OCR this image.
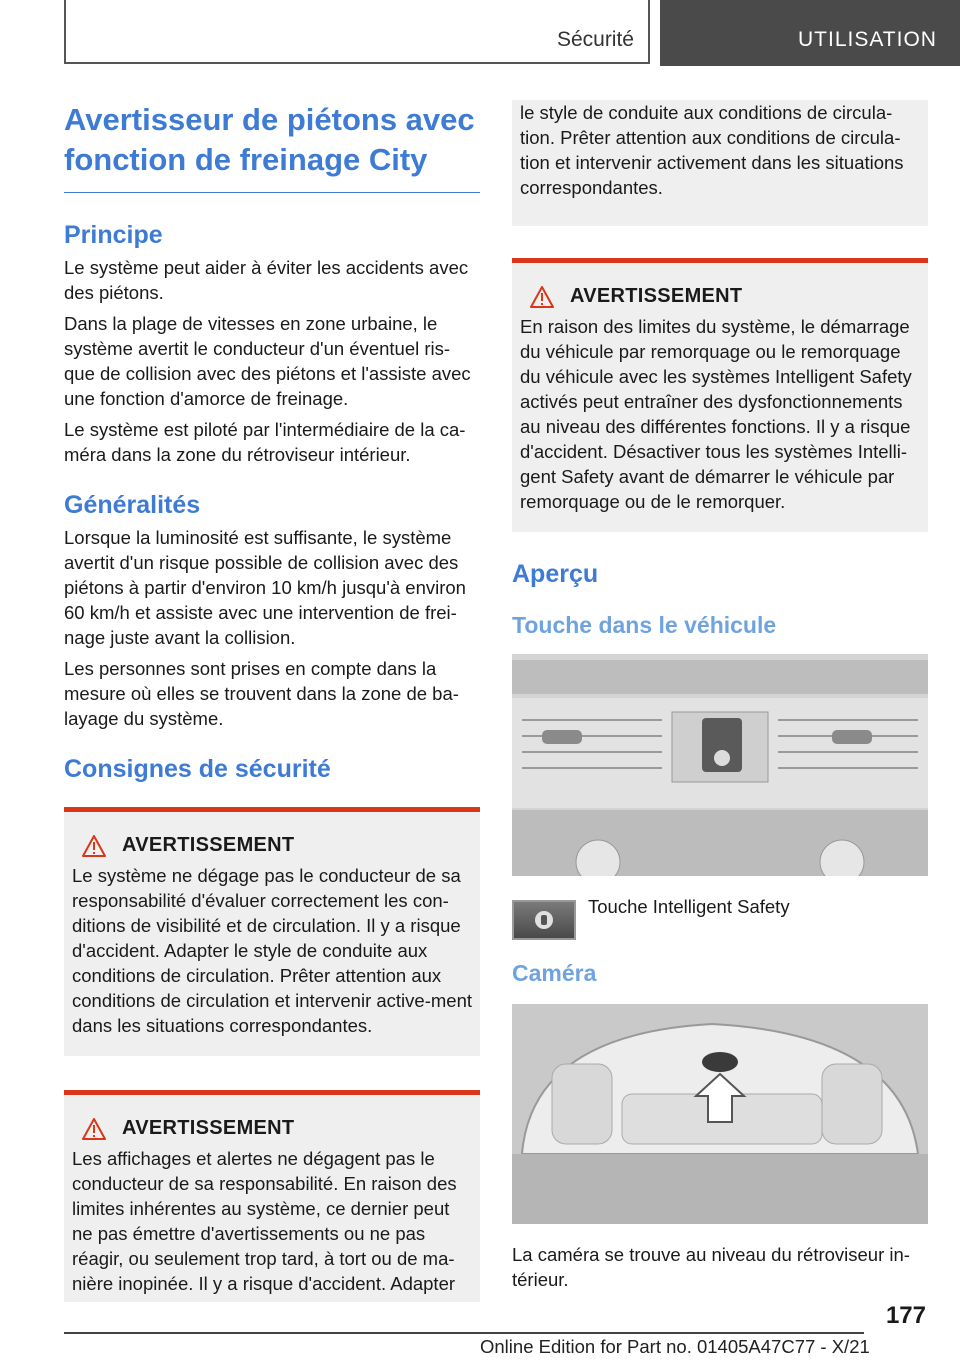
Sécurité	UTILISATION
Avertisseur de piétons avec fonction de freinage City
Principe

Le système peut aider à éviter les accidents avec des piétons.

Dans la plage de vitesses en zone urbaine, le système avertit le conducteur d'un éventuel ris-que de collision avec des piétons et l'assiste avec une fonction d'amorce de freinage.

Le système est piloté par l'intermédiaire de la ca-méra dans la zone du rétroviseur intérieur.

Généralités

Lorsque la luminosité est suffisante, le système avertit d'un risque possible de collision avec des piétons à partir d'environ 10 km/h jusqu'à environ 60 km/h et assiste avec une intervention de frei-nage juste avant la collision.

Les personnes sont prises en compte dans la mesure où elles se trouvent dans la zone de ba-layage du système.

Consignes de sécurité
AVERTISSEMENT

Le système ne dégage pas le conducteur de sa responsabilité d'évaluer correctement les con-ditions de visibilité et de circulation. Il y a risque d'accident. Adapter le style de conduite aux conditions de circulation. Prêter attention aux conditions de circulation et intervenir active-ment dans les situations correspondantes.

AVERTISSEMENT

Les affichages et alertes ne dégagent pas le conducteur de sa responsabilité. En raison des limites inhérentes au système, ce dernier peut ne pas émettre d'avertissements ou ne pas réagir, ou seulement trop tard, à tort ou de ma-nière inopinée. Il y a risque d'accident. Adapter

le style de conduite aux conditions de circula-tion. Prêter attention aux conditions de circula-tion et intervenir activement dans les situations correspondantes.

AVERTISSEMENT

En raison des limites du système, le démarrage du véhicule par remorquage ou le remorquage du véhicule avec les systèmes Intelligent Safety activés peut entraîner des dysfonctionnements au niveau des différentes fonctions. Il y a risque d'accident. Désactiver tous les systèmes Intelli-gent Safety avant de démarrer le véhicule par remorquage ou de le remorquer.

Aperçu
Touche dans le véhicule
Touche Intelligent Safety
Caméra

La caméra se trouve au niveau du rétroviseur in-térieur.

177
Online Edition for Part no. 01405A47C77 - X/21
